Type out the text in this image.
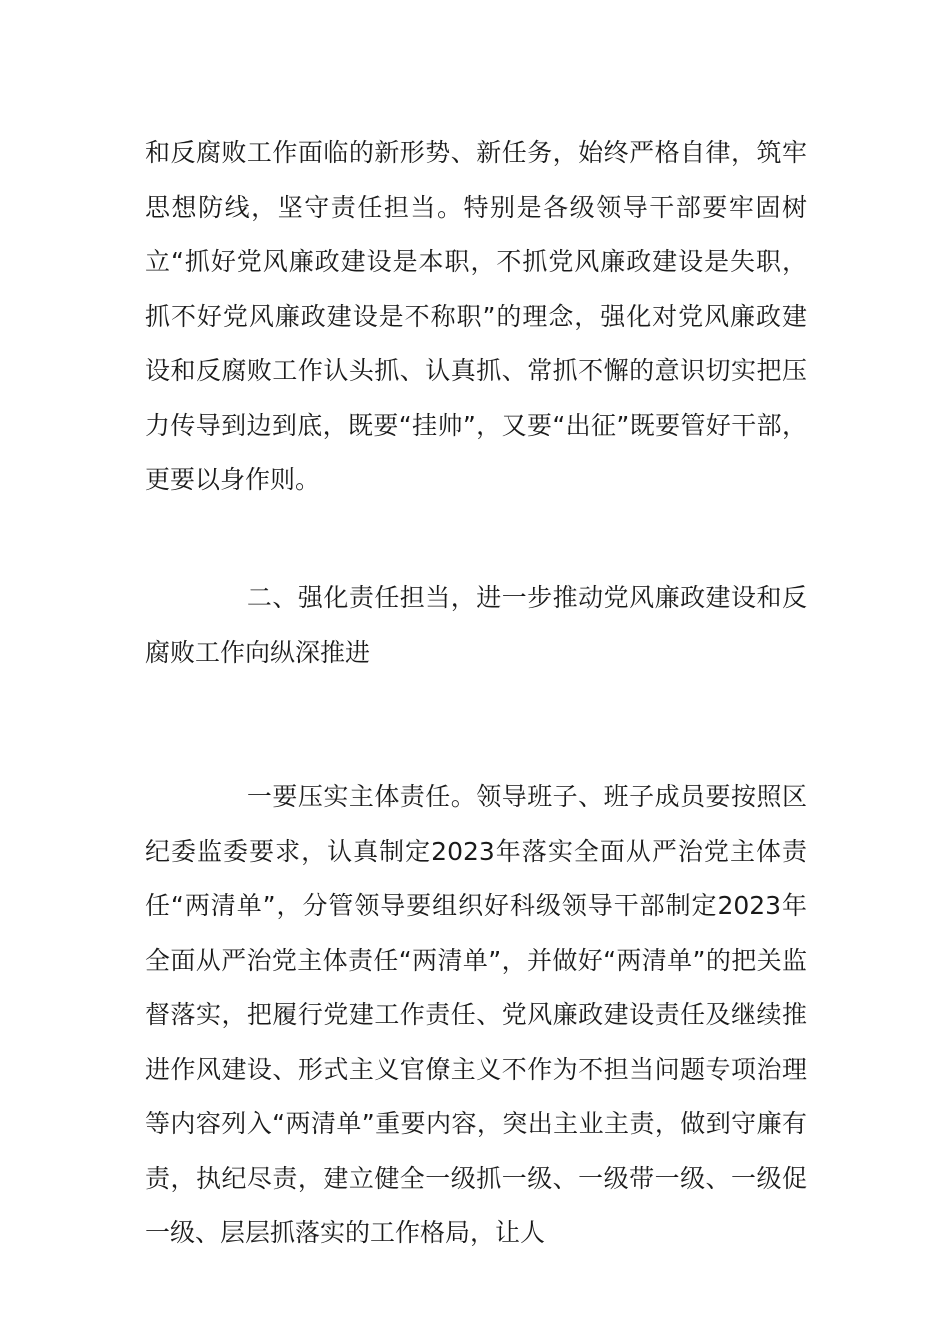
和反腐败工作面临的新形势、新任务，始终严格自律，筑牢思想防线，坚守责任担当。特别是各级领导干部要牢固树立“抓好党风廉政建设是本职，不抓党风廉政建设是失职，抓不好党风廉政建设是不称职”的理念，强化对党风廉政建设和反腐败工作认头抓、认真抓、常抓不懈的意识切实把压力传导到边到底，既要“挂帅”，又要“出征”既要管好干部，更要以身作则。

　　　　二、强化责任担当，进一步推动党风廉政建设和反腐败工作向纵深推进

　　　　一要压实主体责任。领导班子、班子成员要按照区纪委监委要求，认真制定2023年落实全面从严治党主体责任“两清单”，分管领导要组织好科级领导干部制定2023年全面从严治党主体责任“两清单”，并做好“两清单”的把关监督落实，把履行党建工作责任、党风廉政建设责任及继续推进作风建设、形式主义官僚主义不作为不担当问题专项治理等内容列入“两清单”重要内容，突出主业主责，做到守廉有责，执纪尽责，建立健全一级抓一级、一级带一级、一级促一级、层层抓落实的工作格局，让人
